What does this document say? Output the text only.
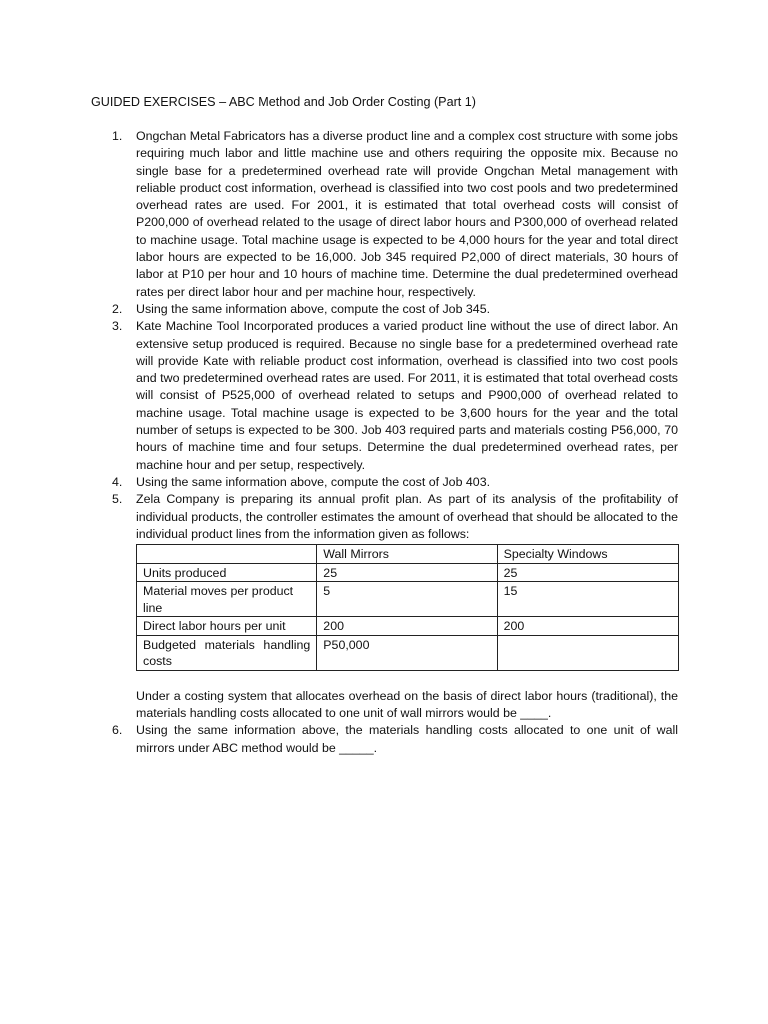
GUIDED EXERCISES – ABC Method and Job Order Costing (Part 1)
1. Ongchan Metal Fabricators has a diverse product line and a complex cost structure with some jobs requiring much labor and little machine use and others requiring the opposite mix. Because no single base for a predetermined overhead rate will provide Ongchan Metal management with reliable product cost information, overhead is classified into two cost pools and two predetermined overhead rates are used. For 2001, it is estimated that total overhead costs will consist of P200,000 of overhead related to the usage of direct labor hours and P300,000 of overhead related to machine usage. Total machine usage is expected to be 4,000 hours for the year and total direct labor hours are expected to be 16,000. Job 345 required P2,000 of direct materials, 30 hours of labor at P10 per hour and 10 hours of machine time. Determine the dual predetermined overhead rates per direct labor hour and per machine hour, respectively.
2. Using the same information above, compute the cost of Job 345.
3. Kate Machine Tool Incorporated produces a varied product line without the use of direct labor. An extensive setup produced is required. Because no single base for a predetermined overhead rate will provide Kate with reliable product cost information, overhead is classified into two cost pools and two predetermined overhead rates are used. For 2011, it is estimated that total overhead costs will consist of P525,000 of overhead related to setups and P900,000 of overhead related to machine usage. Total machine usage is expected to be 3,600 hours for the year and the total number of setups is expected to be 300. Job 403 required parts and materials costing P56,000, 70 hours of machine time and four setups. Determine the dual predetermined overhead rates, per machine hour and per setup, respectively.
4. Using the same information above, compute the cost of Job 403.
5. Zela Company is preparing its annual profit plan. As part of its analysis of the profitability of individual products, the controller estimates the amount of overhead that should be allocated to the individual product lines from the information given as follows:
	Wall Mirrors	Specialty Windows
Units produced	25	25
Material moves per product line	5	15
Direct labor hours per unit	200	200
Budgeted materials handling costs	P50,000	
Under a costing system that allocates overhead on the basis of direct labor hours (traditional), the materials handling costs allocated to one unit of wall mirrors would be ____.
6. Using the same information above, the materials handling costs allocated to one unit of wall mirrors under ABC method would be _____.
